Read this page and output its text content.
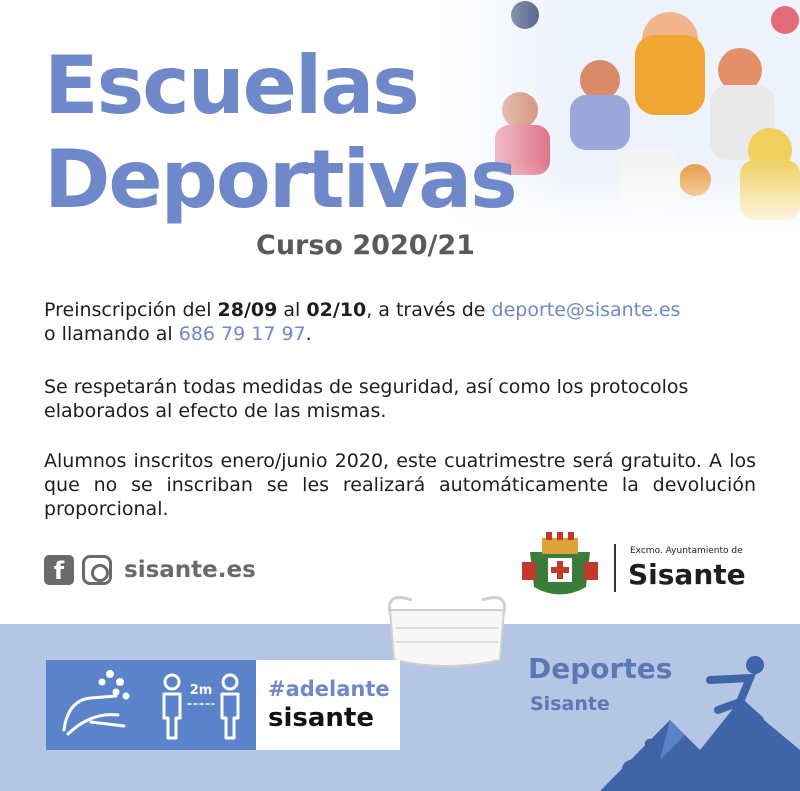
Escuelas
Deportivas
Curso 2020/21
Preinscripción del 28/09 al 02/10, a través de deporte@sisante.es
o llamando al 686 79 17 97.
Se respetarán todas medidas de seguridad, así como los protocolos elaborados al efecto de las mismas.
Alumnos inscritos enero/junio 2020, este cuatrimestre será gratuito. A los que no se inscriban se les realizará automáticamente la devolución proporcional.
f	sisante.es
Excmo. Ayuntamiento de
Sisante
2m	#adelante
sisante
Deportes
Sisante
